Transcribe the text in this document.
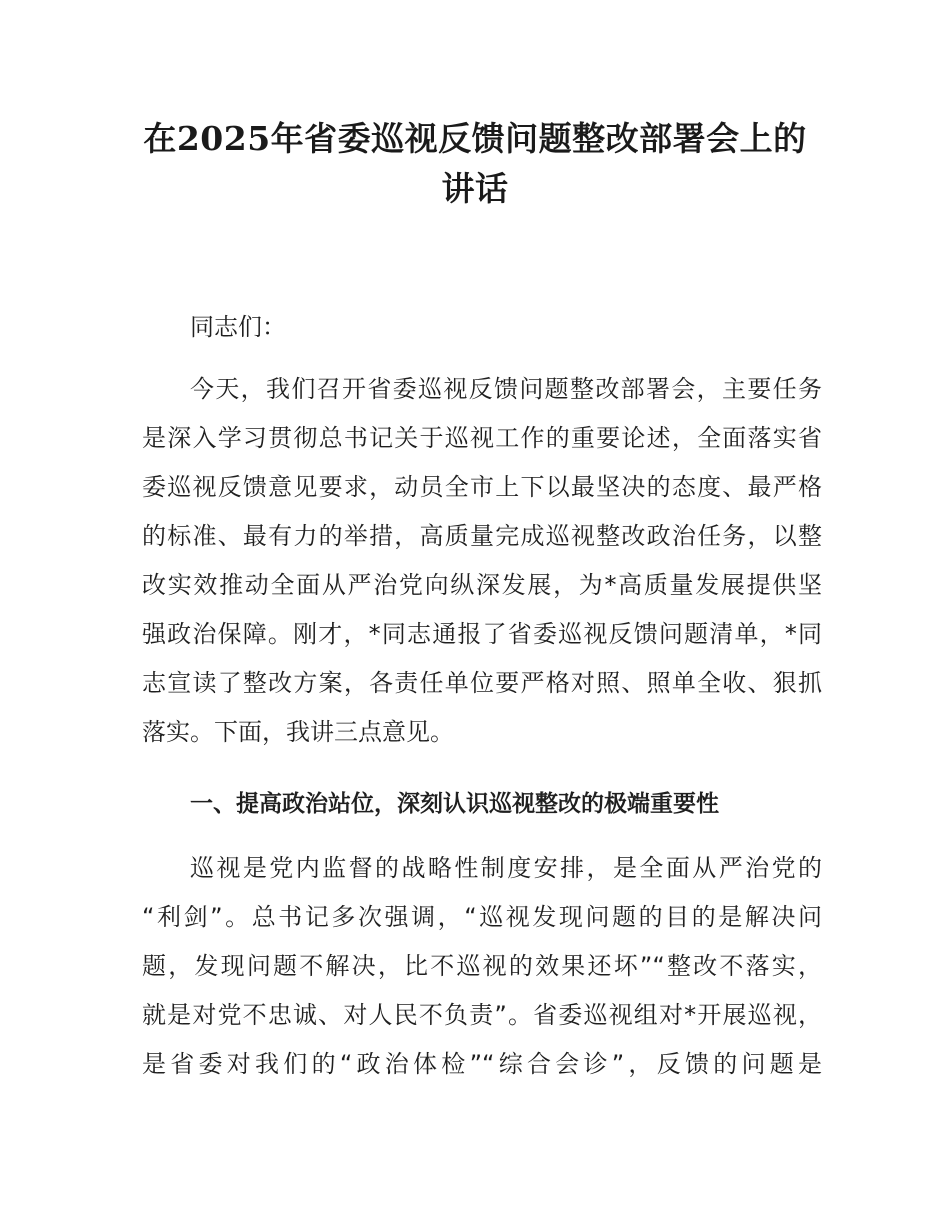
在2025年省委巡视反馈问题整改部署会上的
讲话

同志们：

今天，我们召开省委巡视反馈问题整改部署会，主要任务

是深入学习贯彻总书记关于巡视工作的重要论述，全面落实省

委巡视反馈意见要求，动员全市上下以最坚决的态度、最严格

的标准、最有力的举措，高质量完成巡视整改政治任务，以整

改实效推动全面从严治党向纵深发展，为*高质量发展提供坚

强政治保障。刚才，*同志通报了省委巡视反馈问题清单，*同

志宣读了整改方案，各责任单位要严格对照、照单全收、狠抓

落实。下面，我讲三点意见。

一、提高政治站位，深刻认识巡视整改的极端重要性

巡视是党内监督的战略性制度安排，是全面从严治党的

“利剑”。总书记多次强调，“巡视发现问题的目的是解决问

题，发现问题不解决，比不巡视的效果还坏”“整改不落实，

就是对党不忠诚、对人民不负责”。省委巡视组对*开展巡视，

是省委对我们的“政治体检”“综合会诊”，反馈的问题是
